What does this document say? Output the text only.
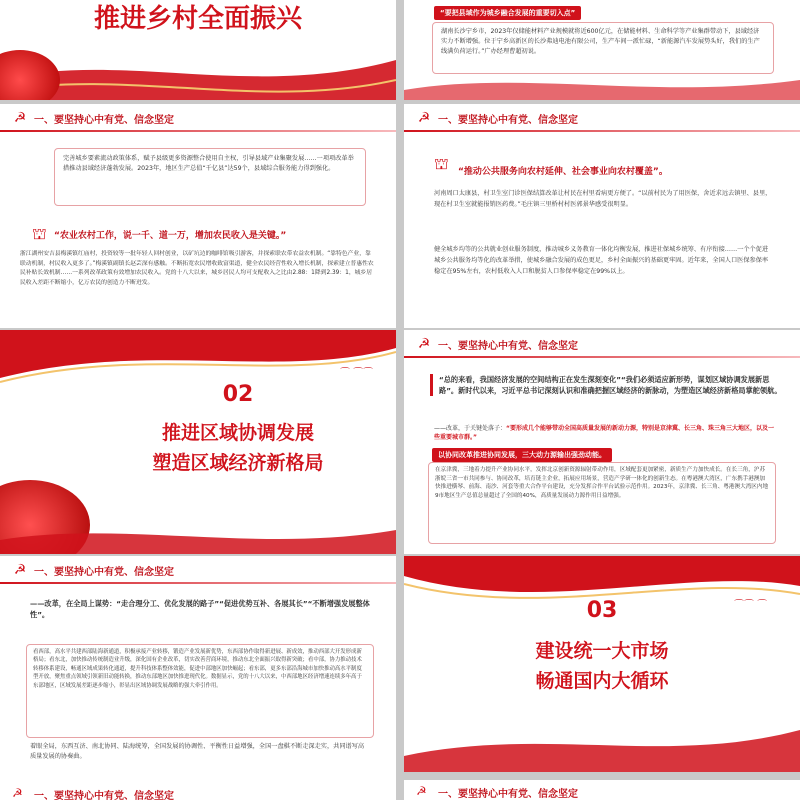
推进乡村全面振兴	“要把县域作为城乡融合发展的重要切入点”
湖南长沙宁乡市，2023年仅储能材料产业规模就将近600亿元，在储能材料、生命科学等产业集群带动下，县域经济实力不断增强。位于宁乡高新区的长沙弗迪电池有限公司，生产车间一派忙碌，“新能源汽车发展势头好，我们的生产线满负荷运行。”广办经理曹超初说。
☭ 一、要坚持心中有党、信念坚定
完善城乡要素流动政策体系，赋予县级更多资源整合使用自主权，引导县域产业集聚发展……一项项改革举措推动县域经济蓬勃发展。2023年，地区生产总值“千亿县”达59个，县域综合服务能力得到强化。
⛫ “农业农村工作，说一千、道一万，增加农民收入是关键。”
浙江湖州安吉县梅溪镇红庙村，投资较等一批年轻人回村创业，以矿坑边的咖啡馆吸引游客，并探索联农带农益农机制。“靠特色产业，靠联动机制，村民收入更多了。”梅溪镇副镇长赵芸深有感触。不断拓宽农民增收致富渠道，健全农民经营性收入增长机制，探索建立普惠性农民补贴长效机制……一系列改革政策有效增加农民收入。党的十八大以来，城乡居民人均可支配收入之比由2.88：1降到2.39：1，城乡居民收入差距不断缩小，亿万农民的创造力不断迸发。
☭ 一、要坚持心中有党、信念坚定
⛫	“推动公共服务向农村延伸、社会事业向农村覆盖”。
河南周口太康县，村卫生室门诊医保结算改革让村民在村里看病更方便了。“以前村民为了用医保，舍近求远去镇里、县里，现在村卫生室就能报销医药费。”毛庄镇三里桥村村医郭景华感受很明显。
健全城乡均等的公共就业创业服务制度，推动城乡义务教育一体化均衡发展，推进社保城乡统筹、有序衔接……一个个促进城乡公共服务均等化的改革举措，使城乡融合发展的成色更足，乡村全面振兴的基础更牢固。近年来，全国人口医保参保率稳定在95%左右，农村低收入人口和脱贫人口参保率稳定在99%以上。
⌒ ⌒⌒
02
推进区域协调发展
塑造区域经济新格局
☭ 一、要坚持心中有党、信念坚定
“总的来看，我国经济发展的空间结构正在发生深刻变化”“我们必须适应新形势，谋划区域协调发展新思路”。新时代以来，习近平总书记深刻认识和准确把握区域经济的新脉动，为塑造区域经济新格局掌舵领航。
——改革，于关键处落子：“要形成几个能够带动全国高质量发展的新动力源，特别是京津冀、长三角、珠三角三大地区，以及一些重要城市群。”
以协同改革推进协同发展，三大动力源输出强劲动能。
在京津冀，三地着力提升产业协同水平，发挥北京创新资源辐射带动作用，区域配套更加紧密，新质生产力加快成长。在长三角，沪苏浙皖三省一市共同参与、协同改革，培育链主企业，拓展应用场景，营造产学研一体化的创新生态。在粤港澳大湾区，广东携手港澳加快推进横琴、前海、南沙、河套等重大合作平台建设，充分发挥合作平台试验示范作用。2023年，京津冀、长三角、粤港澳大湾区内地9市地区生产总值总量超过了全国的40%，高质量发展动力源作用日益增强。
☭ 一、要坚持心中有党、信念坚定
——改革，在全局上谋势：“走合理分工、优化发展的路子”“促进优势互补、各展其长”“不断增强发展整体性”。
看西部，高水平共建西部陆海新通道，积极承接产业转移，锻造产业发展新优势，东西部协作取得新进展、新成效，推动西部大开发形成新格局；看东北，加快推动传统制造业升级，深化国有企业改革，切实改善营商环境，推动东北全面振兴取得新突破；看中部，协力推动技术转移体系建设，畅通区域成果转化通道，提升科技体系整体效能，促进中部地区加快崛起；看东部，更多东部沿海城市加快推动高水平制度型开放，聚焦重点领域引领新旧动能转换，推动东部地区加快推进现代化。数据显示，党的十八大以来，中西部地区经济增速连续多年高于东部地区，区域发展差距逐步缩小，彰显出区域协调发展战略的强大牵引作用。
着眼全局，东西互济、南北协同、陆海统筹，全国发展的协调性、平衡性日益增强，全国一盘棋不断走深走实，共同谱写高质量发展的协奏曲。
⌒⌒ ⌒
03
建设统一大市场
畅通国内大循环
☭ 一、要坚持心中有党、信念坚定	☭ 一、要坚持心中有党、信念坚定
